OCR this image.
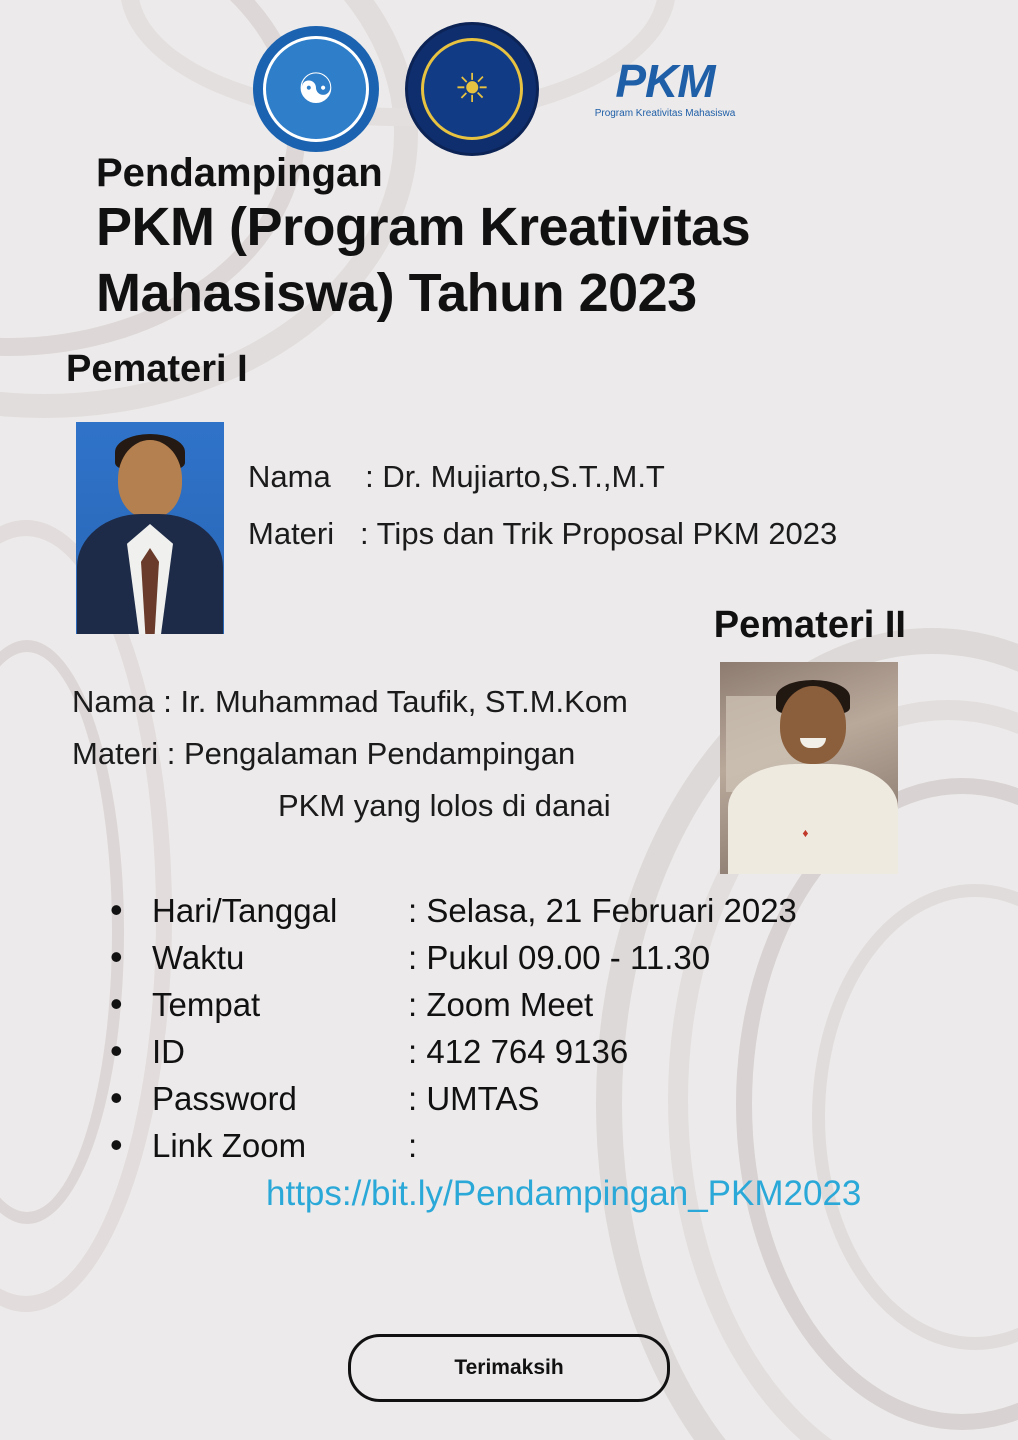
☯	☀	PKM
Program Kreativitas Mahasiswa
Pendampingan
PKM (Program Kreativitas
Mahasiswa) Tahun 2023
Pemateri I
Nama : Dr. Mujiarto,S.T.,M.T
Materi : Tips dan Trik Proposal PKM 2023
Pemateri II
♦
Nama : Ir. Muhammad Taufik, ST.M.Kom
Materi : Pengalaman Pendampingan
PKM yang lolos di danai
• Hari/Tanggal	: Selasa, 21 Februari 2023
• Waktu	: Pukul 09.00 - 11.30
• Tempat	: Zoom Meet
• ID	: 412 764 9136
• Password	: UMTAS
• Link Zoom	:
https://bit.ly/Pendampingan_PKM2023
Terimaksih
